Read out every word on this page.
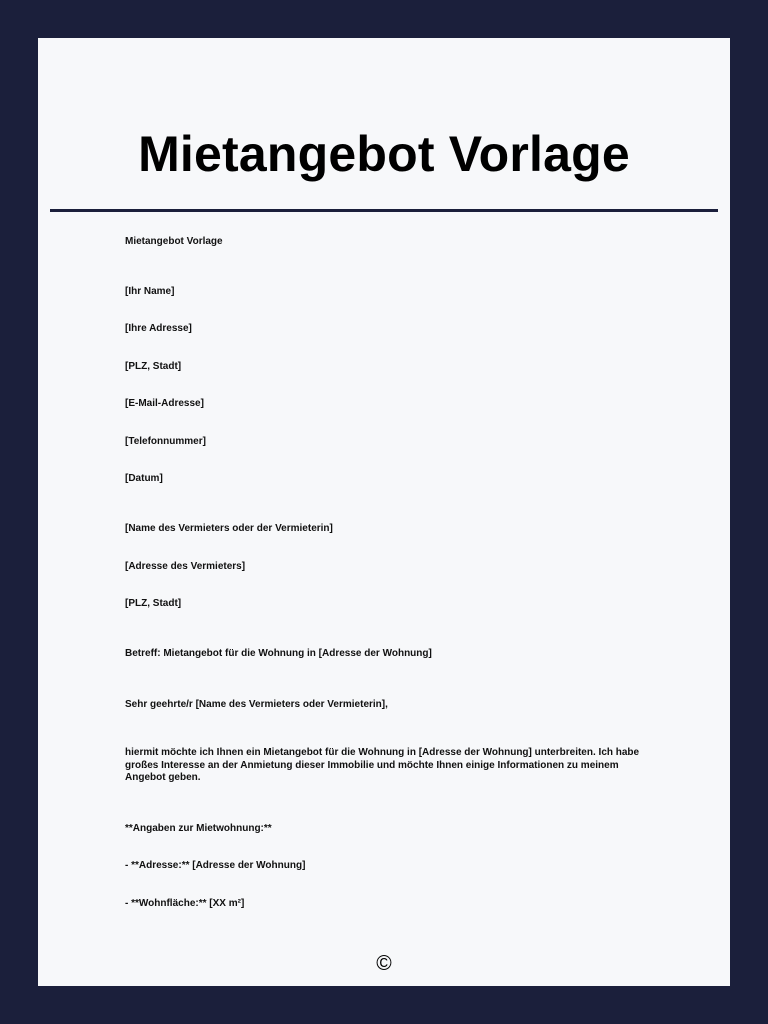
Mietangebot Vorlage
Mietangebot Vorlage
[Ihr Name]
[Ihre Adresse]
[PLZ, Stadt]
[E-Mail-Adresse]
[Telefonnummer]
[Datum]
[Name des Vermieters oder der Vermieterin]
[Adresse des Vermieters]
[PLZ, Stadt]
Betreff: Mietangebot für die Wohnung in [Adresse der Wohnung]
Sehr geehrte/r [Name des Vermieters oder Vermieterin],
hiermit möchte ich Ihnen ein Mietangebot für die Wohnung in [Adresse der Wohnung] unterbreiten. Ich habe großes Interesse an der Anmietung dieser Immobilie und möchte Ihnen einige Informationen zu meinem Angebot geben.
**Angaben zur Mietwohnung:**
- **Adresse:** [Adresse der Wohnung]
- **Wohnfläche:** [XX m²]
©
